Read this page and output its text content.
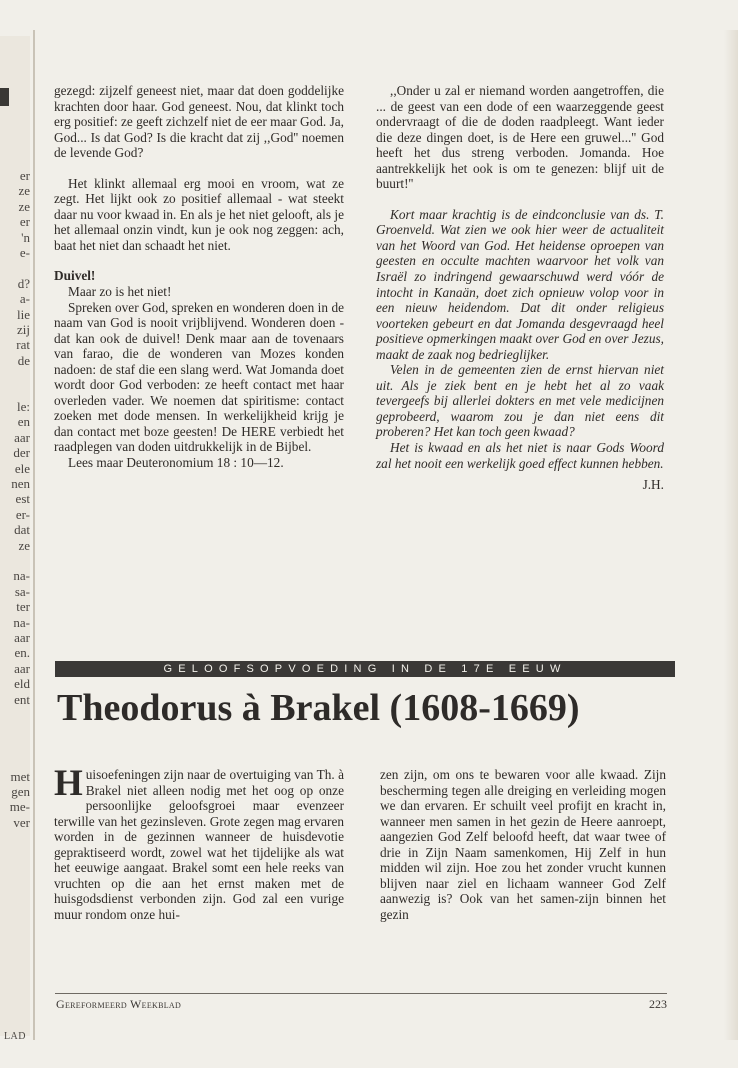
er
ze
ze
er
'n
e-
d?
a-
lie
zij
rat
de
le:
en
aar
der
ele
nen
est
er-
dat
ze
na-
sa-
ter
na-
aar
en.
aar
eld
ent
met
gen
me-
ver
LAD

gezegd: zijzelf geneest niet, maar dat doen goddelijke krachten door haar. God geneest. Nou, dat klinkt toch erg positief: ze geeft zichzelf niet de eer maar God. Ja, God... Is dat God? Is die kracht dat zij ,,God'' noemen de levende God?

Het klinkt allemaal erg mooi en vroom, wat ze zegt. Het lijkt ook zo positief allemaal - wat steekt daar nu voor kwaad in. En als je het niet gelooft, als je het allemaal onzin vindt, kun je ook nog zeggen: ach, baat het niet dan schaadt het niet.

Duivel!

Maar zo is het niet!

Spreken over God, spreken en wonderen doen in de naam van God is nooit vrijblijvend. Wonderen doen - dat kan ook de duivel! Denk maar aan de tovenaars van farao, die de wonderen van Mozes konden nadoen: de staf die een slang werd. Wat Jomanda doet wordt door God verboden: ze heeft contact met haar overleden vader. We noemen dat spiritisme: contact zoeken met dode mensen. In werkelijkheid krijg je dan contact met boze geesten! De HERE verbiedt het raadplegen van doden uitdrukkelijk in de Bijbel.

Lees maar Deuteronomium 18 : 10—12.

,,Onder u zal er niemand worden aangetroffen, die ... de geest van een dode of een waarzeggende geest ondervraagt of die de doden raadpleegt. Want ieder die deze dingen doet, is de Here een gruwel...'' God heeft het dus streng verboden. Jomanda. Hoe aantrekkelijk het ook is om te genezen: blijf uit de buurt!''

Kort maar krachtig is de eindconclusie van ds. T. Groenveld. Wat zien we ook hier weer de actualiteit van het Woord van God. Het heidense oproepen van geesten en occulte machten waarvoor het volk van Israël zo indringend gewaarschuwd werd vóór de intocht in Kanaän, doet zich opnieuw volop voor in een nieuw heidendom. Dat dit onder religieus voorteken gebeurt en dat Jomanda desgevraagd heel positieve opmerkingen maakt over God en over Jezus, maakt de zaak nog bedrieglijker.

Velen in de gemeenten zien de ernst hiervan niet uit. Als je ziek bent en je hebt het al zo vaak tevergeefs bij allerlei dokters en met vele medicijnen geprobeerd, waarom zou je dan niet eens dit proberen? Het kan toch geen kwaad?

Het is kwaad en als het niet is naar Gods Woord zal het nooit een werkelijk goed effect kunnen hebben.

J.H.
GELOOFSOPVOEDING IN DE 17E EEUW
Theodorus à Brakel (1608-1669)

Huisoefeningen zijn naar de overtuiging van Th. à Brakel niet alleen nodig met het oog op onze persoonlijke geloofsgroei maar evenzeer terwille van het gezinsleven. Grote zegen mag ervaren worden in de gezinnen wanneer de huisdevotie gepraktiseerd wordt, zowel wat het tijdelijke als wat het eeuwige aangaat. Brakel somt een hele reeks van vruchten op die aan het ernst maken met de huisgodsdienst verbonden zijn. God zal een vurige muur rondom onze hui-

zen zijn, om ons te bewaren voor alle kwaad. Zijn bescherming tegen alle dreiging en verleiding mogen we dan ervaren. Er schuilt veel profijt en kracht in, wanneer men samen in het gezin de Heere aanroept, aangezien God Zelf beloofd heeft, dat waar twee of drie in Zijn Naam samenkomen, Hij Zelf in hun midden wil zijn. Hoe zou het zonder vrucht kunnen blijven naar ziel en lichaam wanneer God Zelf aanwezig is? Ook van het samen-zijn binnen het gezin

Gereformeerd Weekblad	223
